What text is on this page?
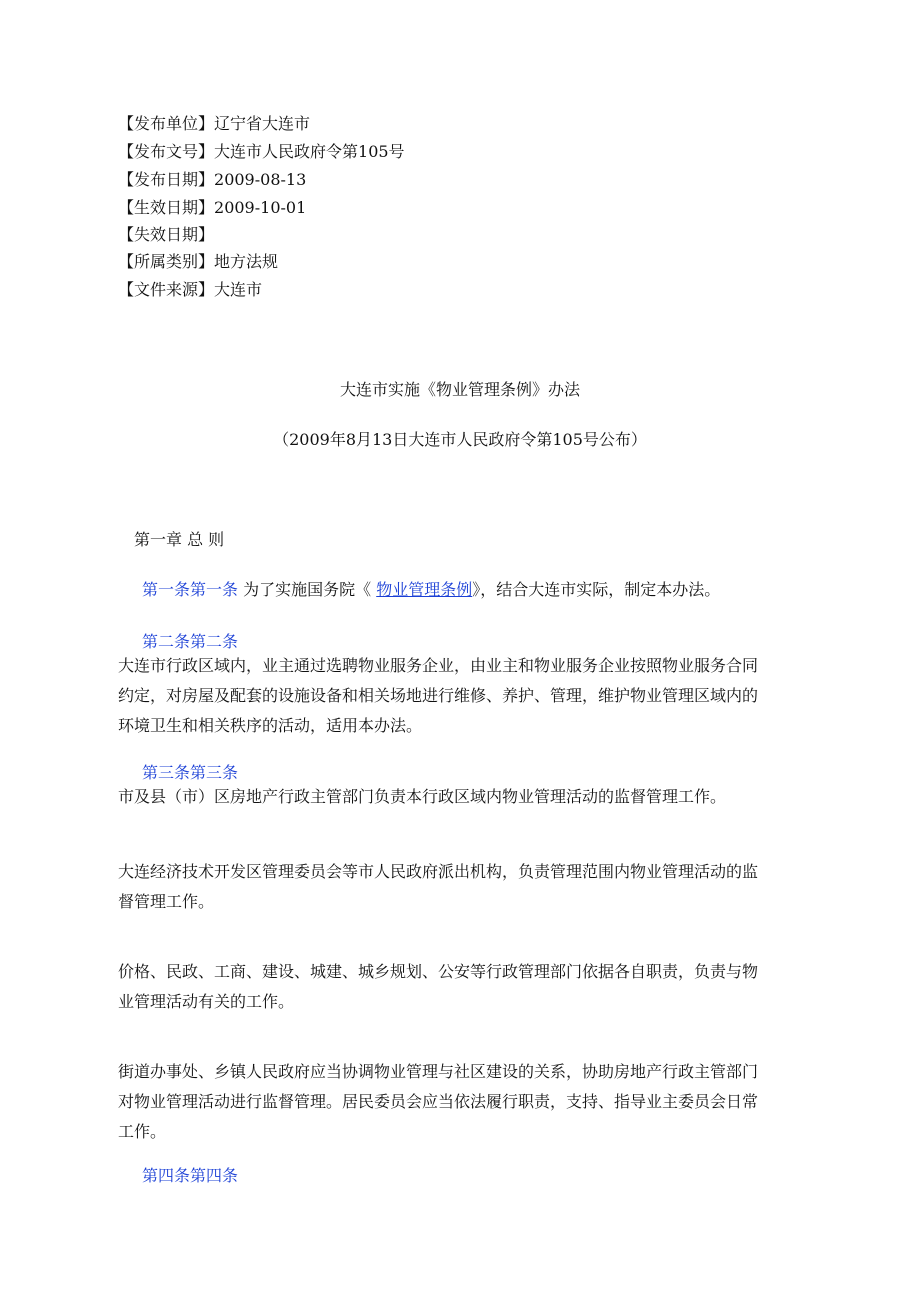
【发布单位】辽宁省大连市
【发布文号】大连市人民政府令第105号
【发布日期】2009-08-13
【生效日期】2009-10-01
【失效日期】
【所属类别】地方法规
【文件来源】大连市
大连市实施《物业管理条例》办法
（2009年8月13日大连市人民政府令第105号公布）
第一章 总 则
第一条第一条 为了实施国务院《 物业管理条例》，结合大连市实际，制定本办法。
第二条第二条
大连市行政区域内，业主通过选聘物业服务企业，由业主和物业服务企业按照物业服务合同
约定，对房屋及配套的设施设备和相关场地进行维修、养护、管理，维护物业管理区域内的
环境卫生和相关秩序的活动，适用本办法。
第三条第三条
市及县（市）区房地产行政主管部门负责本行政区域内物业管理活动的监督管理工作。
大连经济技术开发区管理委员会等市人民政府派出机构，负责管理范围内物业管理活动的监
督管理工作。
价格、民政、工商、建设、城建、城乡规划、公安等行政管理部门依据各自职责，负责与物
业管理活动有关的工作。
街道办事处、乡镇人民政府应当协调物业管理与社区建设的关系，协助房地产行政主管部门
对物业管理活动进行监督管理。居民委员会应当依法履行职责，支持、指导业主委员会日常
工作。
第四条第四条
